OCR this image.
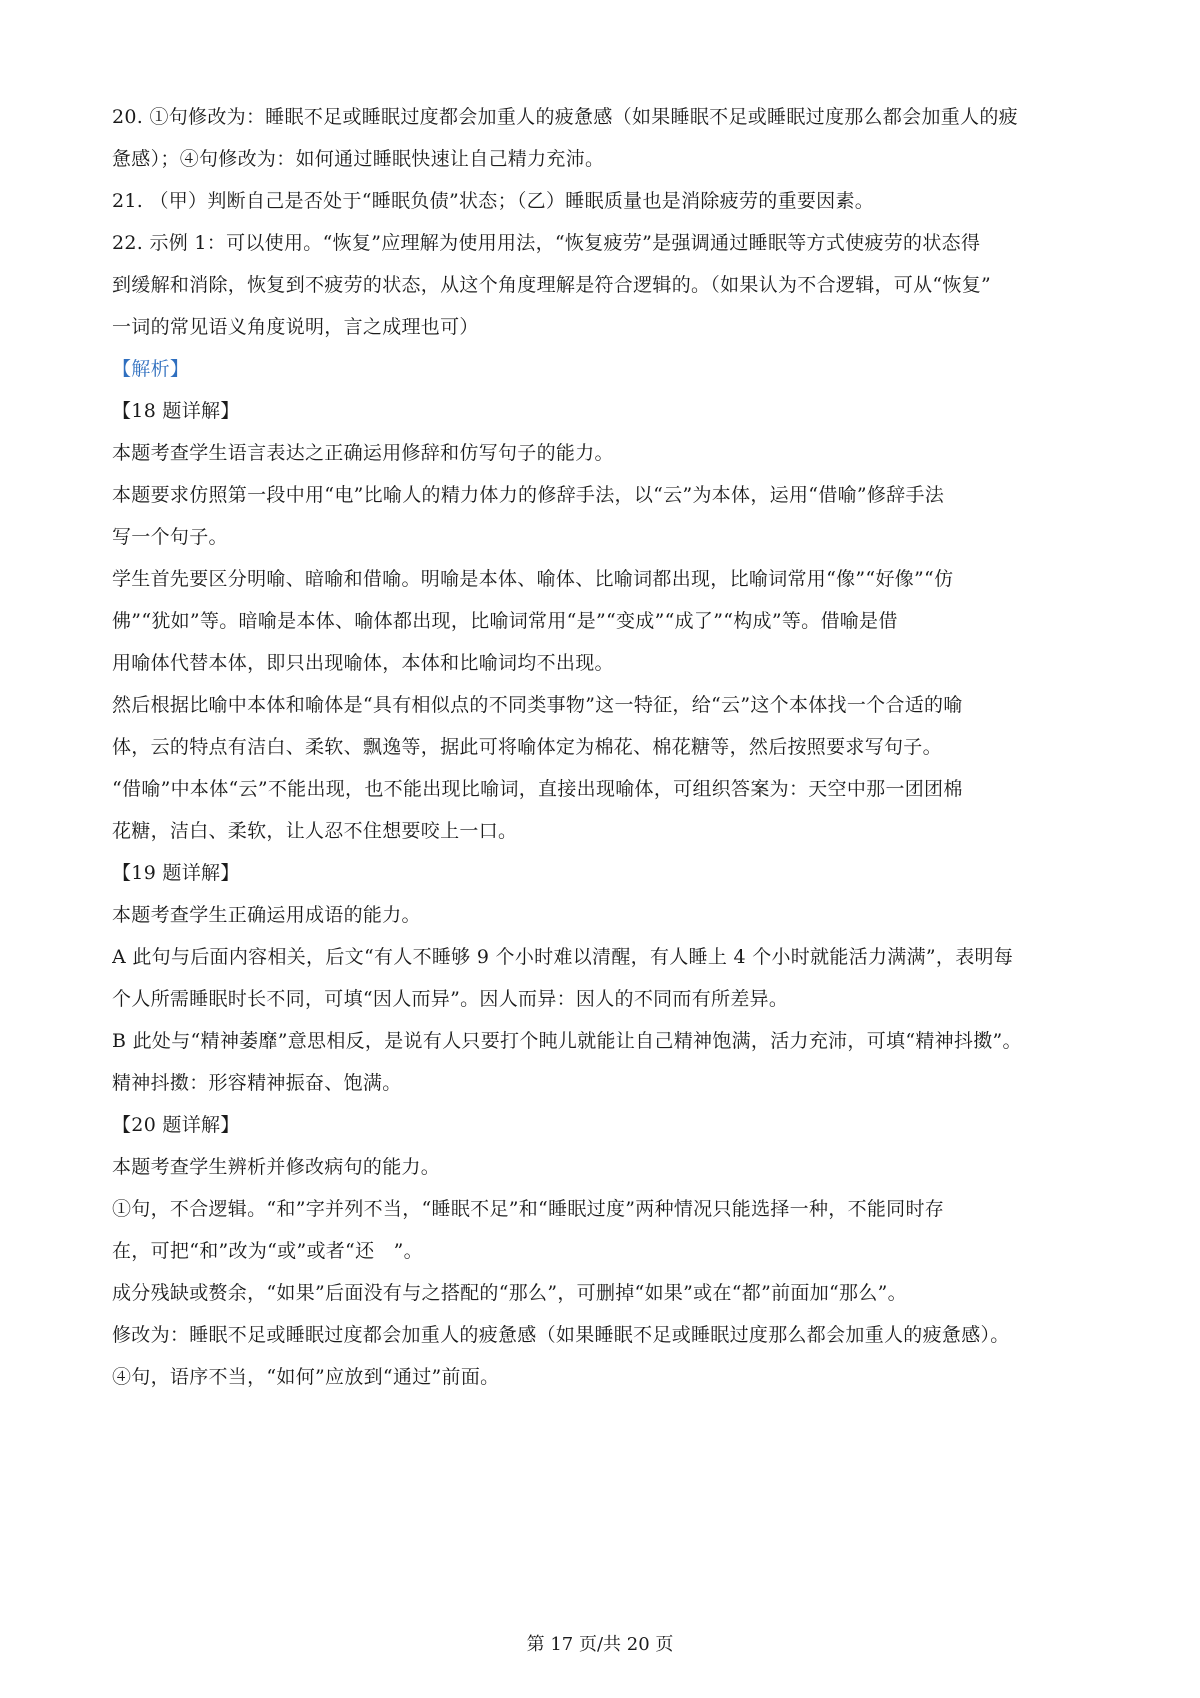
20. ①句修改为：睡眠不足或睡眠过度都会加重人的疲惫感（如果睡眠不足或睡眠过度那么都会加重人的疲
惫感）；④句修改为：如何通过睡眠快速让自己精力充沛。
21. （甲）判断自己是否处于“睡眠负债”状态；（乙）睡眠质量也是消除疲劳的重要因素。
22. 示例 1：可以使用。“恢复”应理解为使用用法，“恢复疲劳”是强调通过睡眠等方式使疲劳的状态得
到缓解和消除，恢复到不疲劳的状态，从这个角度理解是符合逻辑的。（如果认为不合逻辑，可从“恢复”
一词的常见语义角度说明，言之成理也可）
【解析】
【18 题详解】
本题考查学生语言表达之正确运用修辞和仿写句子的能力。
本题要求仿照第一段中用“电”比喻人的精力体力的修辞手法，以“云”为本体，运用“借喻”修辞手法
写一个句子。
学生首先要区分明喻、暗喻和借喻。明喻是本体、喻体、比喻词都出现，比喻词常用“像”“好像”“仿
佛”“犹如”等。暗喻是本体、喻体都出现，比喻词常用“是”“变成”“成了”“构成”等。借喻是借
用喻体代替本体，即只出现喻体，本体和比喻词均不出现。
然后根据比喻中本体和喻体是“具有相似点的不同类事物”这一特征，给“云”这个本体找一个合适的喻
体，云的特点有洁白、柔软、飘逸等，据此可将喻体定为棉花、棉花糖等，然后按照要求写句子。
“借喻”中本体“云”不能出现，也不能出现比喻词，直接出现喻体，可组织答案为：天空中那一团团棉
花糖，洁白、柔软，让人忍不住想要咬上一口。
【19 题详解】
本题考查学生正确运用成语的能力。
A 此句与后面内容相关，后文“有人不睡够 9 个小时难以清醒，有人睡上 4 个小时就能活力满满”，表明每
个人所需睡眠时长不同，可填“因人而异”。因人而异：因人的不同而有所差异。
B 此处与“精神萎靡”意思相反，是说有人只要打个盹儿就能让自己精神饱满，活力充沛，可填“精神抖擞”。
精神抖擞：形容精神振奋、饱满。
【20 题详解】
本题考查学生辨析并修改病句的能力。
①句，不合逻辑。“和”字并列不当，“睡眠不足”和“睡眠过度”两种情况只能选择一种，不能同时存
在，可把“和”改为“或”或者“还　”。
成分残缺或赘余，“如果”后面没有与之搭配的“那么”，可删掉“如果”或在“都”前面加“那么”。
修改为：睡眠不足或睡眠过度都会加重人的疲惫感（如果睡眠不足或睡眠过度那么都会加重人的疲惫感）。
④句，语序不当，“如何”应放到“通过”前面。
第 17 页/共 20 页
